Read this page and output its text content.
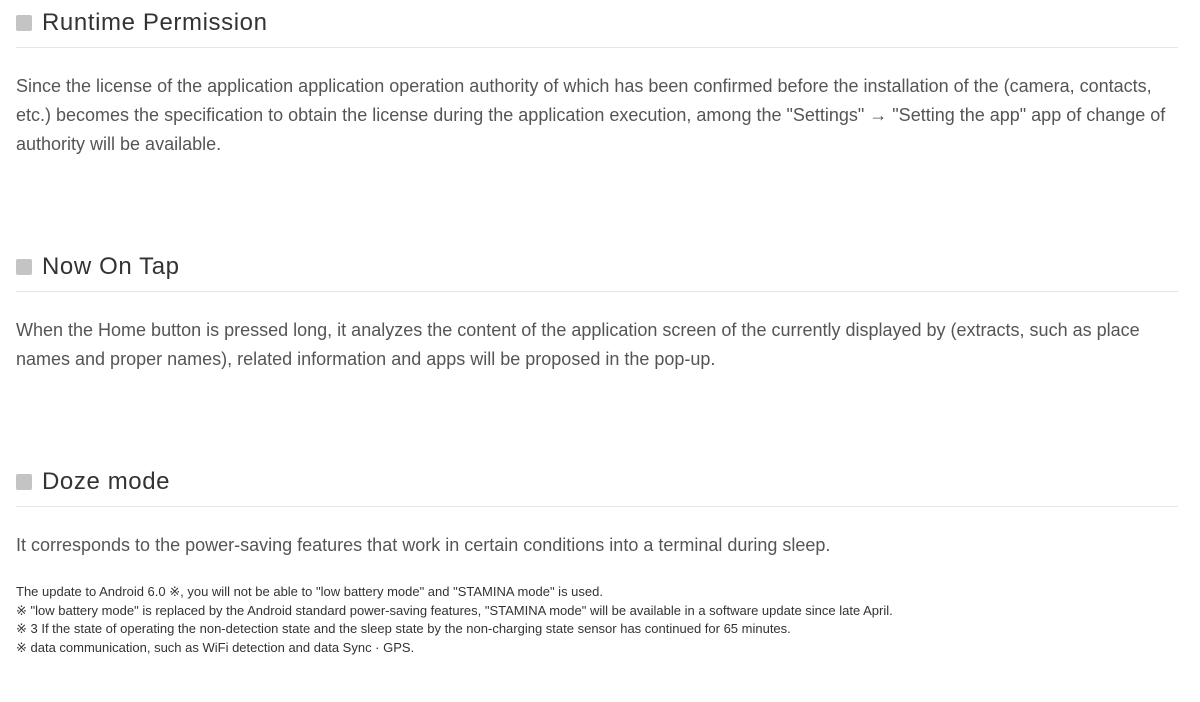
Runtime Permission

Since the license of the application application operation authority of which has been confirmed before the installation of the (camera, contacts, etc.) becomes the specification to obtain the license during the application execution, among the "Settings" → "Setting the app" app of change of authority will be available.

Now On Tap

When the Home button is pressed long, it analyzes the content of the application screen of the currently displayed by (extracts, such as place names and proper names), related information and apps will be proposed in the pop-up.

Doze mode

It corresponds to the power-saving features that work in certain conditions into a terminal during sleep.

The update to Android 6.0 ※, you will not be able to "low battery mode" and "STAMINA mode" is used.
※ "low battery mode" is replaced by the Android standard power-saving features, "STAMINA mode" will be available in a software update since late April.
※ 3 If the state of operating the non-detection state and the sleep state by the non-charging state sensor has continued for 65 minutes.
※ data communication, such as WiFi detection and data Sync · GPS.
